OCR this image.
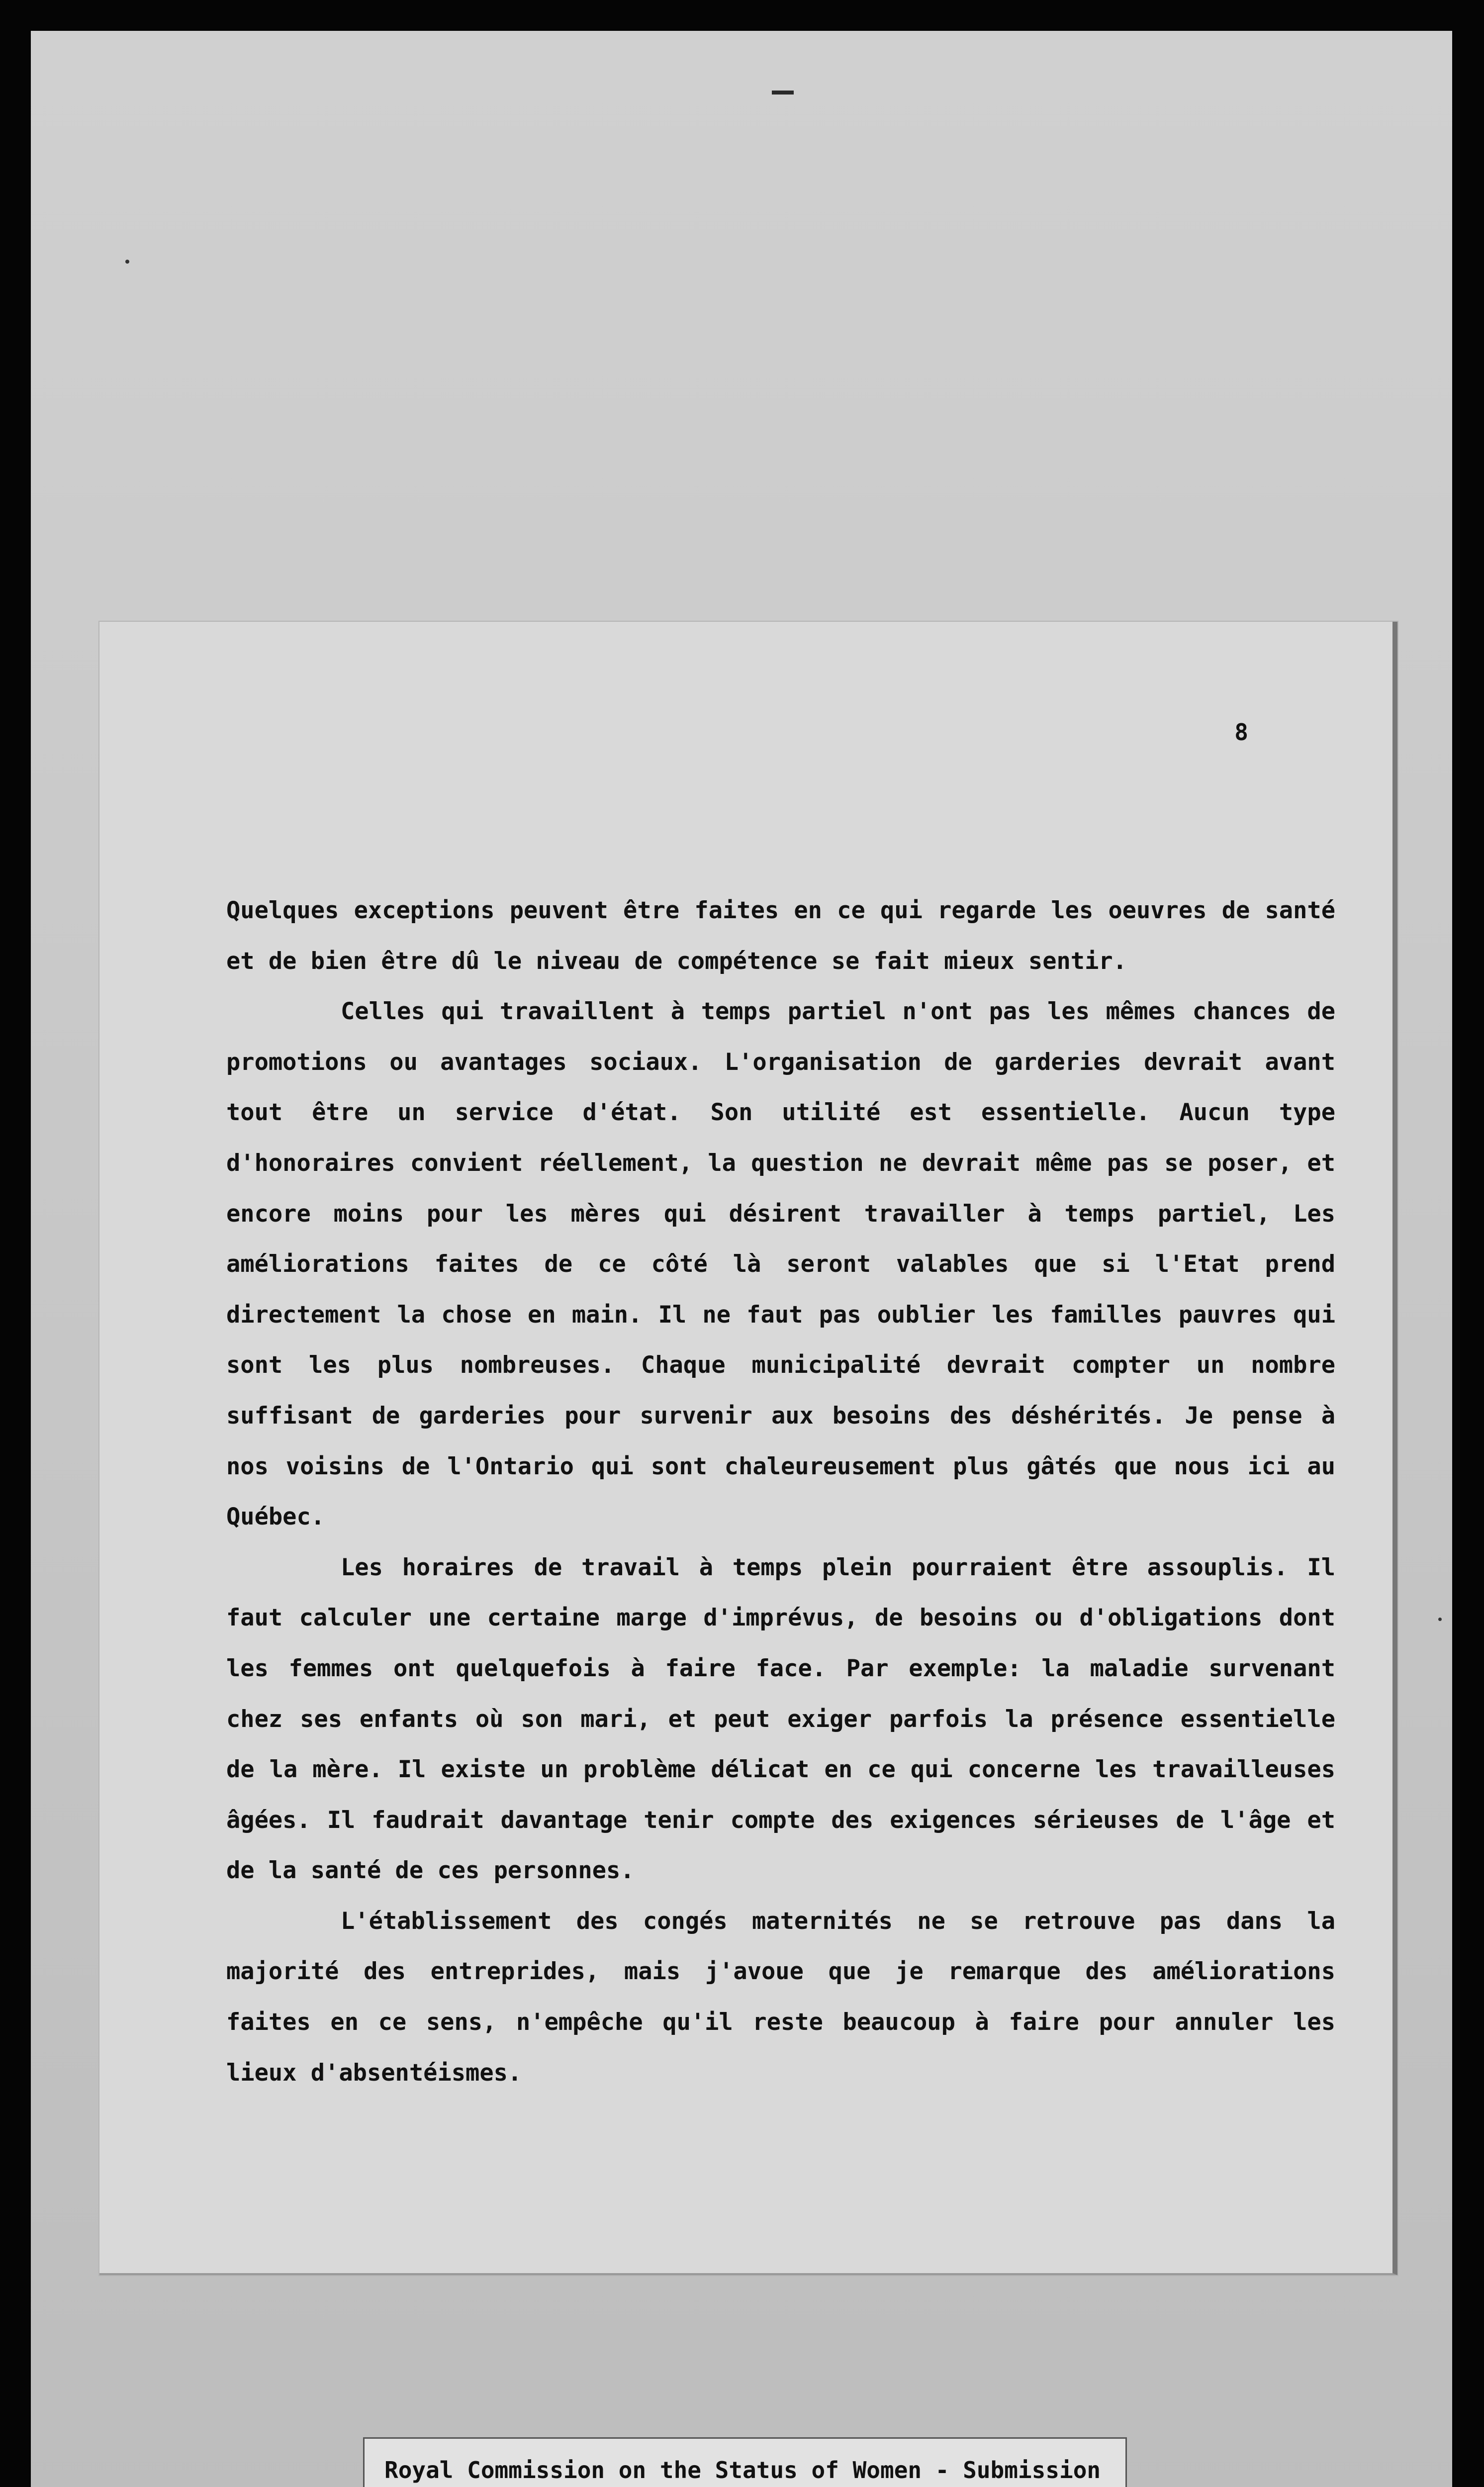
8

Quelques exceptions peuvent être faites en ce qui regarde les oeuvres de santé et de bien être dû le niveau de compétence se fait mieux sentir.

Celles qui travaillent à temps partiel n'ont pas les mêmes chances de promotions ou avantages sociaux. L'organisation de garderies devrait avant tout être un service d'état. Son utilité est essentielle. Aucun type d'honoraires convient réellement, la question ne devrait même pas se poser, et encore moins pour les mères qui désirent travailler à temps partiel, Les améliorations faites de ce côté là seront valables que si l'Etat prend directement la chose en main. Il ne faut pas oublier les familles pauvres qui sont les plus nombreuses. Chaque municipalité devrait compter un nombre suffisant de garderies pour survenir aux besoins des déshérités. Je pense à nos voisins de l'Ontario qui sont chaleureusement plus gâtés que nous ici au Québec.

Les horaires de travail à temps plein pourraient être assouplis. Il faut calculer une certaine marge d'imprévus, de besoins ou d'obligations dont les femmes ont quelquefois à faire face. Par exemple: la maladie survenant chez ses enfants où son mari, et peut exiger parfois la présence essentielle de la mère. Il existe un problème délicat en ce qui concerne les travailleuses âgées. Il faudrait davantage tenir compte des exigences sérieuses de l'âge et de la santé de ces personnes.

L'établissement des congés maternités ne se retrouve pas dans la majorité des entreprides, mais j'avoue que je remarque des améliorations faites en ce sens, n'empêche qu'il reste beaucoup à faire pour annuler les lieux d'absentéismes.

Royal Commission on the Status of Women - Submission
